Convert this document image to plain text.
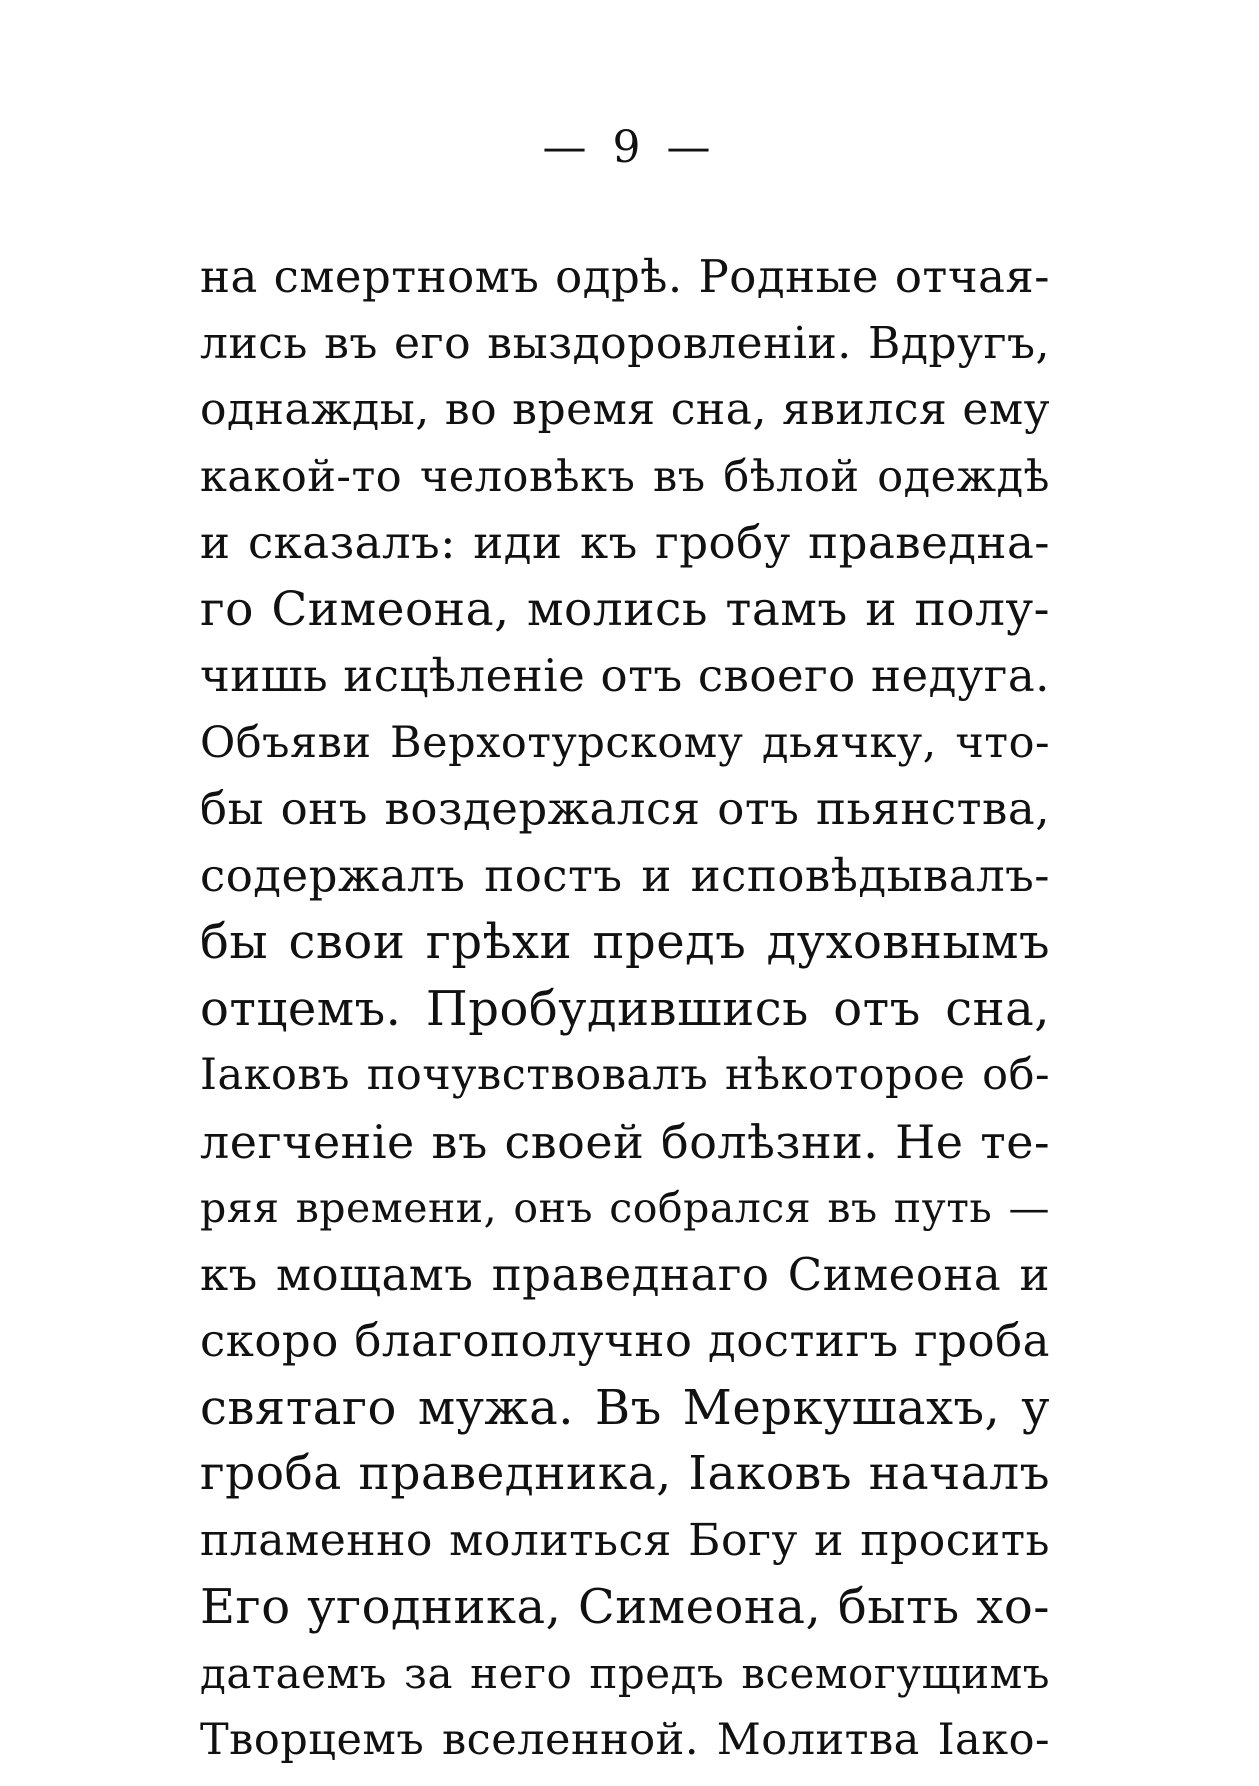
— 9 —
на смертномъ одрѣ. Родные отчая-
лись въ его выздоровленіи. Вдругъ,
однажды, во время сна, явился ему
какой-то человѣкъ въ бѣлой одеждѣ
и сказалъ: иди къ гробу праведна-
го Симеона, молись тамъ и полу-
чишь исцѣленіе отъ своего недуга.
Объяви Верхотурскому дьячку, что-
бы онъ воздержался отъ пьянства,
содержалъ постъ и исповѣдывалъ-
бы свои грѣхи предъ духовнымъ
отцемъ. Пробудившись отъ сна,
Іаковъ почувствовалъ нѣкоторое об-
легченіе въ своей болѣзни. Не те-
ряя времени, онъ собрался въ путь —
къ мощамъ праведнаго Симеона и
скоро благополучно достигъ гроба
святаго мужа. Въ Меркушахъ, у
гроба праведника, Іаковъ началъ
пламенно молиться Богу и просить
Его угодника, Симеона, быть хо-
датаемъ за него предъ всемогущимъ
Творцемъ вселенной. Молитва Іако-
